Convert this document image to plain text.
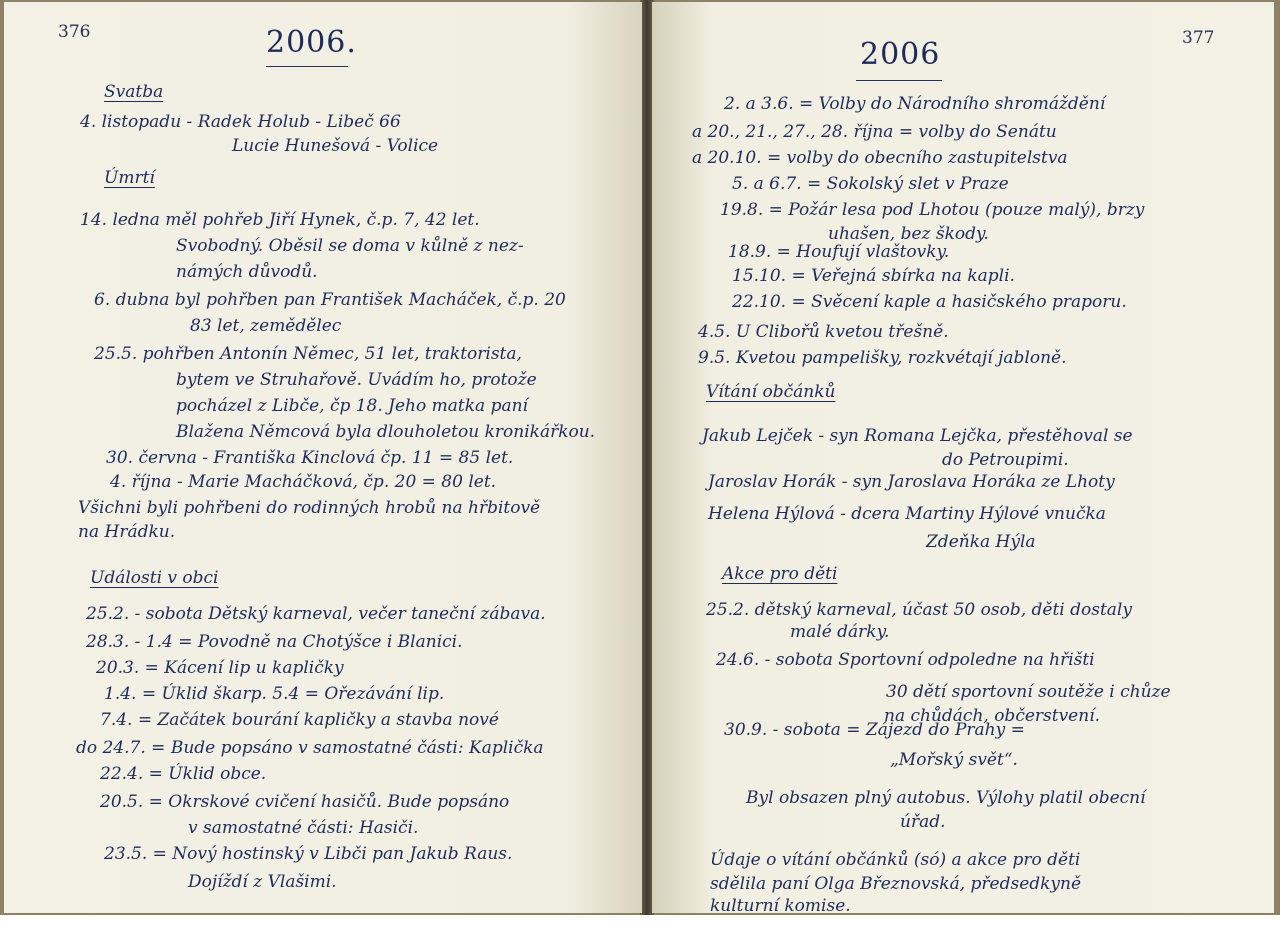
376	2006.
Svatba
4. listopadu - Radek Holub - Libeč 66
Lucie Hunešová - Volice
Úmrtí
14. ledna měl pohřeb Jiří Hynek, č.p. 7, 42 let.
Svobodný. Oběsil se doma v kůlně z nez-
námých důvodů.
6. dubna byl pohřben pan František Macháček, č.p. 20
83 let, zemědělec
25.5. pohřben Antonín Němec, 51 let, traktorista,
bytem ve Struhařově. Uvádím ho, protože
pocházel z Libče, čp 18. Jeho matka paní
Blažena Němcová byla dlouholetou kronikářkou.
30. června - Františka Kinclová čp. 11 = 85 let.
4. října - Marie Macháčková, čp. 20 = 80 let.
Všichni byli pohřbeni do rodinných hrobů na hřbitově
na Hrádku.
Události v obci
25.2. - sobota Dětský karneval, večer taneční zábava.
28.3. - 1.4 = Povodně na Chotýšce i Blanici.
20.3. = Kácení lip u kapličky
1.4. = Úklid škarp. 5.4 = Ořezávání lip.
7.4. = Začátek bourání kapličky a stavba nové
do 24.7. = Bude popsáno v samostatné části: Kaplička
22.4. = Úklid obce.
20.5. = Okrskové cvičení hasičů. Bude popsáno
v samostatné části: Hasiči.
23.5. = Nový hostinský v Libči pan Jakub Raus.
Dojíždí z Vlašimi.
377
2006
2. a 3.6. = Volby do Národního shromáždění
a 20., 21., 27., 28. října = volby do Senátu
a 20.10. = volby do obecního zastupitelstva
5. a 6.7. = Sokolský slet v Praze
19.8. = Požár lesa pod Lhotou (pouze malý), brzy
uhašen, bez škody.
18.9. = Houfují vlaštovky.
15.10. = Veřejná sbírka na kapli.
22.10. = Svěcení kaple a hasičského praporu.
4.5. U Clibořů kvetou třešně.
9.5. Kvetou pampelišky, rozkvétají jabloně.
Vítání občánků
Jakub Lejček - syn Romana Lejčka, přestěhoval se
do Petroupimi.
Jaroslav Horák - syn Jaroslava Horáka ze Lhoty
Helena Hýlová - dcera Martiny Hýlové vnučka
Zdeňka Hýla
Akce pro děti
25.2. dětský karneval, účast 50 osob, děti dostaly
malé dárky.
24.6. - sobota Sportovní odpoledne na hřišti
30 dětí sportovní soutěže i chůze
na chůdách, občerstvení.
30.9. - sobota = Zájezd do Prahy =
„Mořský svět“.
Byl obsazen plný autobus. Výlohy platil obecní
úřad.
Údaje o vítání občánků (só) a akce pro děti
sdělila paní Olga Březnovská, předsedkyně
kulturní komise.
